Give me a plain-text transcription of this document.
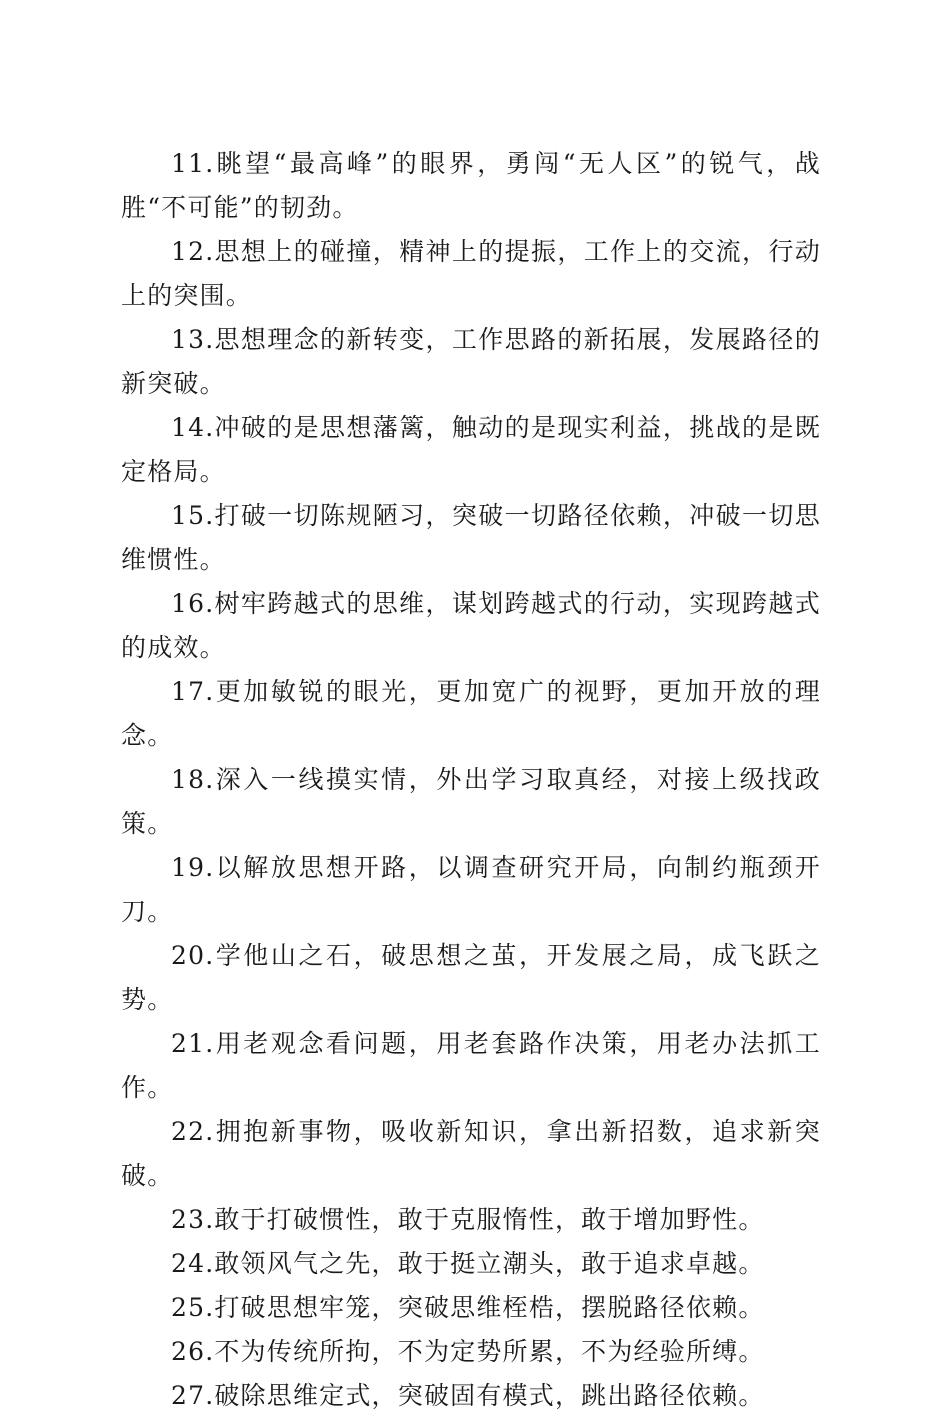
11.眺望“最高峰”的眼界，勇闯“无人区”的锐气，战胜“不可能”的韧劲。

12.思想上的碰撞，精神上的提振，工作上的交流，行动上的突围。

13.思想理念的新转变，工作思路的新拓展，发展路径的新突破。

14.冲破的是思想藩篱，触动的是现实利益，挑战的是既定格局。

15.打破一切陈规陋习，突破一切路径依赖，冲破一切思维惯性。

16.树牢跨越式的思维，谋划跨越式的行动，实现跨越式的成效。

17.更加敏锐的眼光，更加宽广的视野，更加开放的理念。

18.深入一线摸实情，外出学习取真经，对接上级找政策。

19.以解放思想开路，以调查研究开局，向制约瓶颈开刀。

20.学他山之石，破思想之茧，开发展之局，成飞跃之势。

21.用老观念看问题，用老套路作决策，用老办法抓工作。

22.拥抱新事物，吸收新知识，拿出新招数，追求新突破。

23.敢于打破惯性，敢于克服惰性，敢于增加野性。

24.敢领风气之先，敢于挺立潮头，敢于追求卓越。

25.打破思想牢笼，突破思维桎梏，摆脱路径依赖。

26.不为传统所拘，不为定势所累，不为经验所缚。

27.破除思维定式，突破固有模式，跳出路径依赖。
